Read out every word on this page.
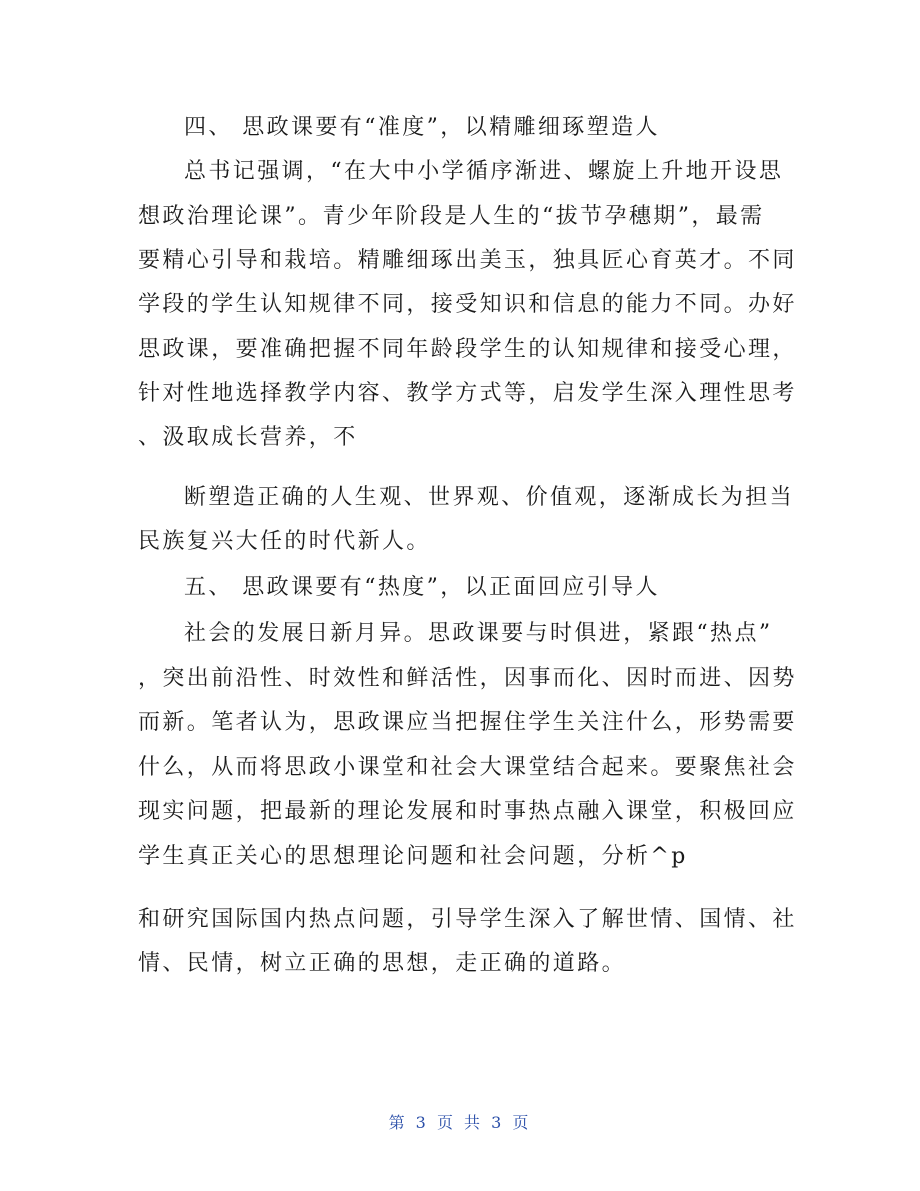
四、 思政课要有“准度”，以精雕细琢塑造人
总书记强调，“在大中小学循序渐进、螺旋上升地开设思
想政治理论课”。青少年阶段是人生的“拔节孕穗期”，最需
要精心引导和栽培。精雕细琢出美玉，独具匠心育英才。不同
学段的学生认知规律不同，接受知识和信息的能力不同。办好
思政课，要准确把握不同年龄段学生的认知规律和接受心理，
针对性地选择教学内容、教学方式等，启发学生深入理性思考
、汲取成长营养，不
断塑造正确的人生观、世界观、价值观，逐渐成长为担当
民族复兴大任的时代新人。
五、 思政课要有“热度”，以正面回应引导人
社会的发展日新月异。思政课要与时俱进，紧跟“热点”
，突出前沿性、时效性和鲜活性，因事而化、因时而进、因势
而新。笔者认为，思政课应当把握住学生关注什么，形势需要
什么，从而将思政小课堂和社会大课堂结合起来。要聚焦社会
现实问题，把最新的理论发展和时事热点融入课堂，积极回应
学生真正关心的思想理论问题和社会问题，分析^p
和研究国际国内热点问题，引导学生深入了解世情、国情、社
情、民情，树立正确的思想，走正确的道路。
第 3 页 共 3 页
